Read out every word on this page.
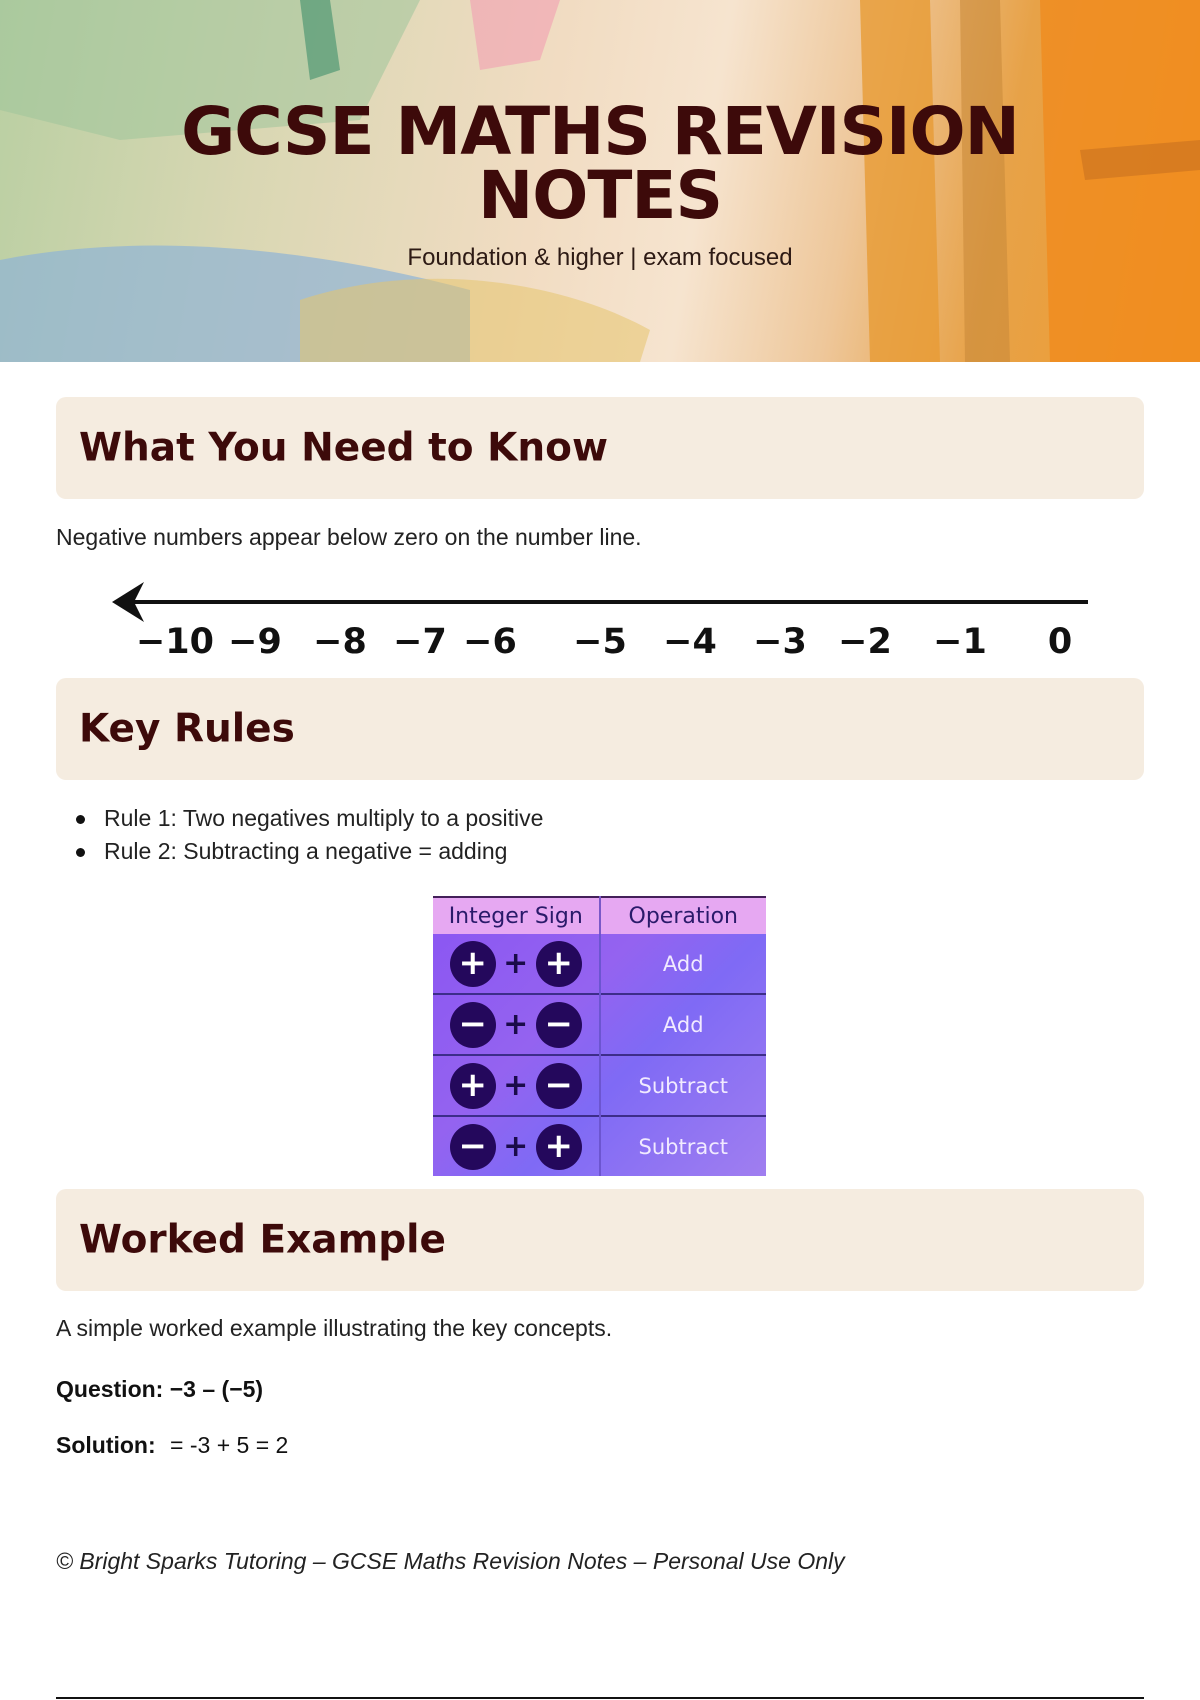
GCSE MATHS REVISION
NOTES
Foundation & higher | exam focused
What You Need to Know
Negative numbers appear below zero on the number line.
−10 −9 −8 −7 −6 −5 −4 −3 −2 −1 0
Key Rules
Rule 1: Two negatives multiply to a positive
Rule 2: Subtracting a negative = adding
Integer Sign	Operation
+ + +	Add
− + −	Add
+ + −	Subtract
− + +	Subtract
Worked Example
A simple worked example illustrating the key concepts.
Question: −3 – (−5)
Solution: = -3 + 5 = 2
© Bright Sparks Tutoring – GCSE Maths Revision Notes – Personal Use Only
